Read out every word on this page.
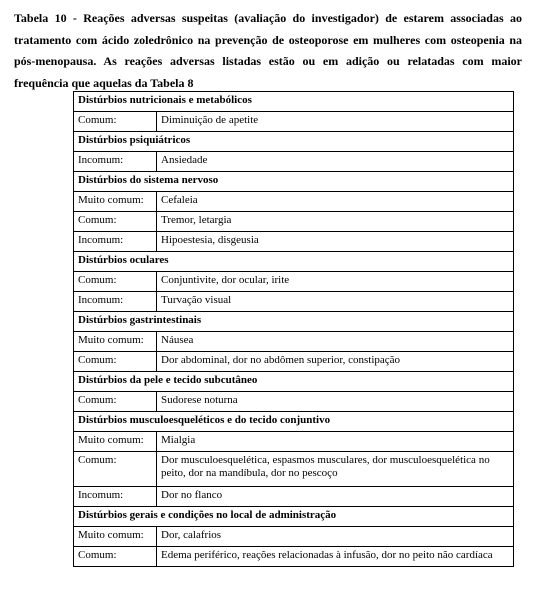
Tabela 10 - Reações adversas suspeitas (avaliação do investigador) de estarem associadas ao tratamento com ácido zoledrônico na prevenção de osteoporose em mulheres com osteopenia na pós-menopausa. As reações adversas listadas estão ou em adição ou relatadas com maior frequência que aquelas da Tabela 8

Distúrbios nutricionais e metabólicos	
Comum:	Diminuição de apetite
Distúrbios psiquiátricos	
Incomum:	Ansiedade
Distúrbios do sistema nervoso	
Muito comum:	Cefaleia
Comum:	Tremor, letargia
Incomum:	Hipoestesia, disgeusia
Distúrbios oculares	
Comum:	Conjuntivite, dor ocular, irite
Incomum:	Turvação visual
Distúrbios gastrintestinais	
Muito comum:	Náusea
Comum:	Dor abdominal, dor no abdômen superior, constipação
Distúrbios da pele e tecido subcutâneo	
Comum:	Sudorese noturna
Distúrbios musculoesqueléticos e do tecido conjuntivo	
Muito comum:	Mialgia
Comum:	Dor musculoesquelética, espasmos musculares, dor musculoesquelética no peito, dor na mandíbula, dor no pescoço
Incomum:	Dor no flanco
Distúrbios gerais e condições no local de administração	
Muito comum:	Dor, calafrios
Comum:	Edema periférico, reações relacionadas à infusão, dor no peito não cardíaca
